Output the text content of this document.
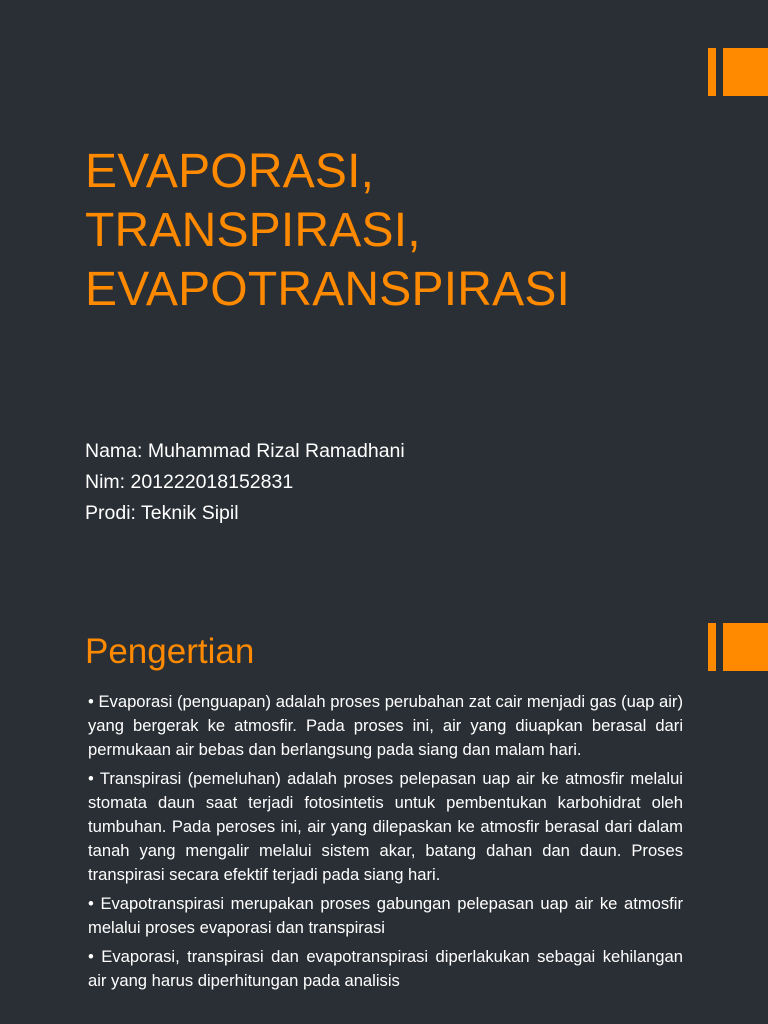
EVAPORASI,
TRANSPIRASI,
EVAPOTRANSPIRASI
Nama: Muhammad Rizal Ramadhani
Nim: 201222018152831
Prodi: Teknik Sipil
Pengertian
• Evaporasi (penguapan) adalah proses perubahan zat cair menjadi gas (uap air) yang bergerak ke atmosfir. Pada proses ini, air yang diuapkan berasal dari permukaan air bebas dan berlangsung pada siang dan malam hari.
• Transpirasi (pemeluhan) adalah proses pelepasan uap air ke atmosfir melalui stomata daun saat terjadi fotosintetis untuk pembentukan karbohidrat oleh tumbuhan. Pada peroses ini, air yang dilepaskan ke atmosfir berasal dari dalam tanah yang mengalir melalui sistem akar, batang dahan dan daun. Proses transpirasi secara efektif terjadi pada siang hari.
• Evapotranspirasi merupakan proses gabungan pelepasan uap air ke atmosfir melalui proses evaporasi dan transpirasi
• Evaporasi, transpirasi dan evapotranspirasi diperlakukan sebagai kehilangan air yang harus diperhitungan pada analisis
